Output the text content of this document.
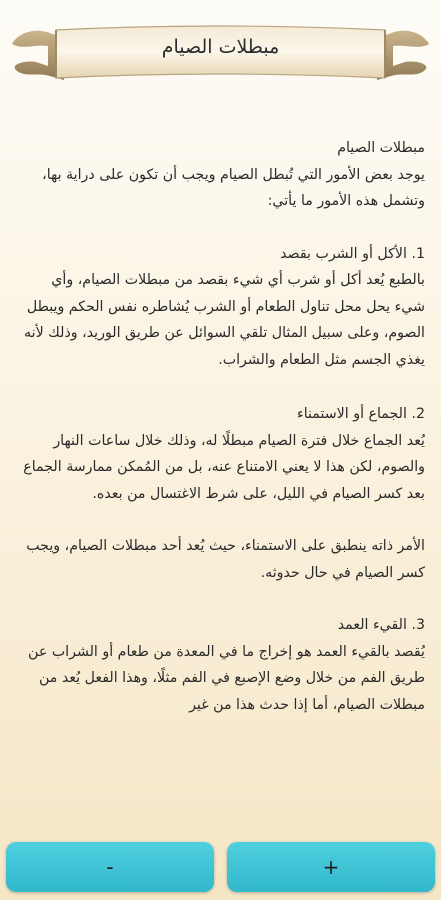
مبطلات الصيام

مبطلات الصيام

يوجد بعض الأمور التي تُبطل الصيام ويجب أن تكون على دراية بها، وتشمل هذه الأمور ما يأتي:

1. الأكل أو الشرب بقصد

بالطبع يُعد أكل أو شرب أي شيء بقصد من مبطلات الصيام، وأي شيء يحل محل تناول الطعام أو الشرب يُشاطره نفس الحكم ويبطل الصوم، وعلى سبيل المثال تلقي السوائل عن طريق الوريد، وذلك لأنه يغذي الجسم مثل الطعام والشراب.

2. الجماع أو الاستمناء

يُعد الجماع خلال فترة الصيام مبطلًا له، وذلك خلال ساعات النهار والصوم، لكن هذا لا يعني الامتناع عنه، بل من المُمكن ممارسة الجماع بعد كسر الصيام في الليل، على شرط الاغتسال من بعده.

الأمر ذاته ينطبق على الاستمناء، حيث يُعد أحد مبطلات الصيام، ويجب كسر الصيام في حال حدوثه.

3. القيء العمد

يُقصد بالقيء العمد هو إخراج ما في المعدة من طعام أو الشراب عن طريق الفم من خلال وضع الإصبع في الفم مثلًا، وهذا الفعل يُعد من مبطلات الصيام، أما إذا حدث هذا من غير

-	+
